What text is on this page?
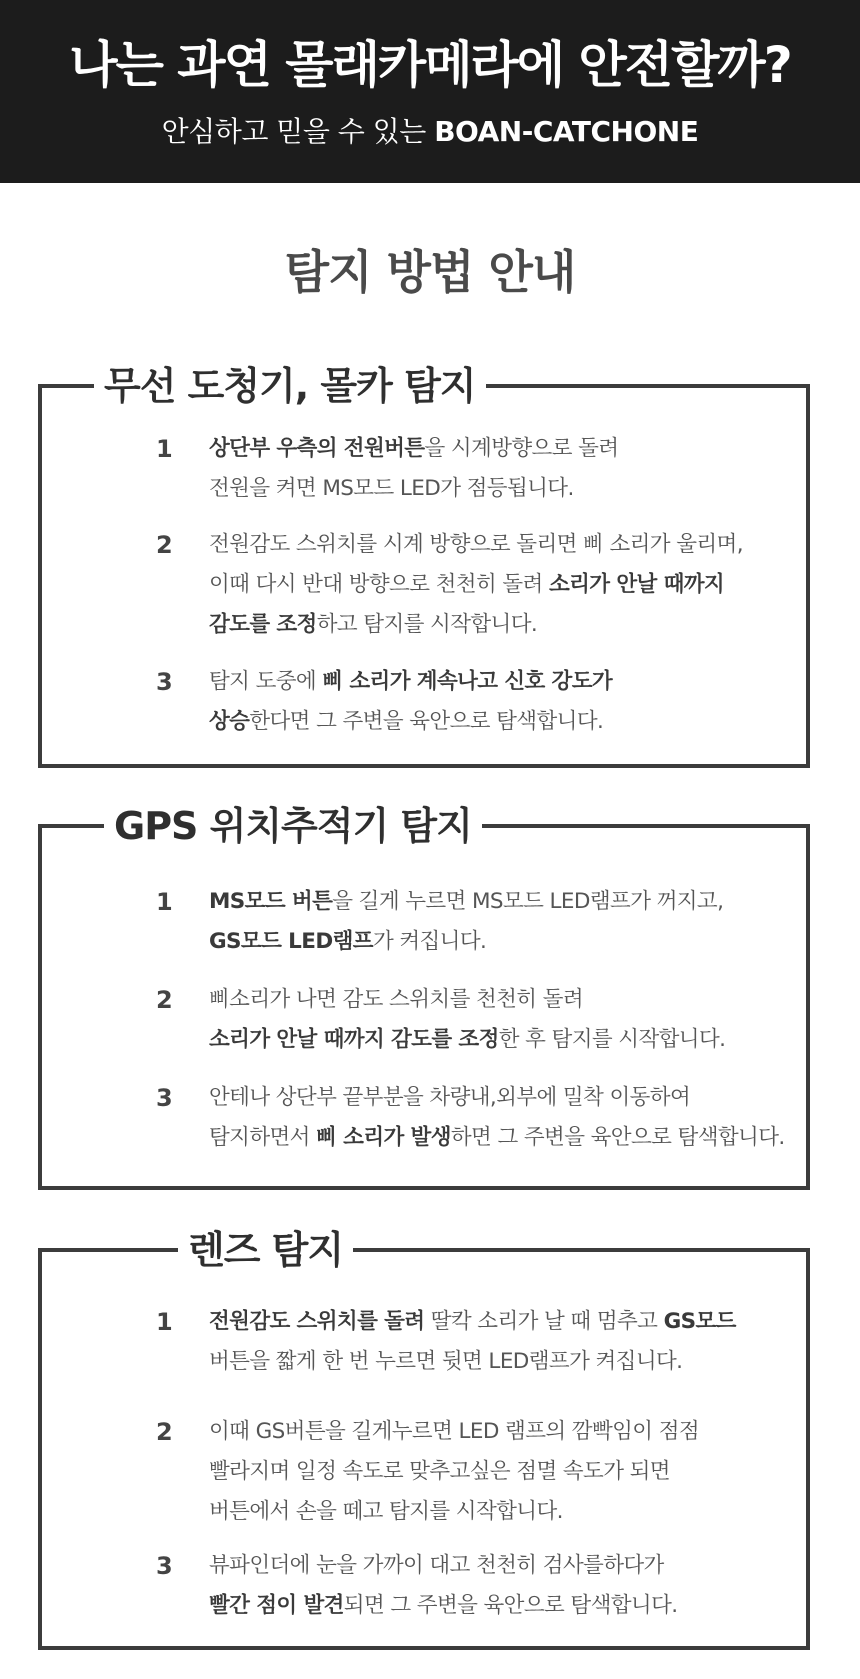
나는 과연 몰래카메라에 안전할까?
안심하고 믿을 수 있는 BOAN-CATCHONE
탐지 방법 안내
무선 도청기, 몰카 탐지
1 상단부 우측의 전원버튼을 시계방향으로 돌려

전원을 켜면 MS모드 LED가 점등됩니다.

2 전원감도 스위치를 시계 방향으로 돌리면 삐 소리가 울리며,

이때 다시 반대 방향으로 천천히 돌려 소리가 안날 때까지

감도를 조정하고 탐지를 시작합니다.

3 탐지 도중에 삐 소리가 계속나고 신호 강도가

상승한다면 그 주변을 육안으로 탐색합니다.

GPS 위치추적기 탐지
1 MS모드 버튼을 길게 누르면 MS모드 LED램프가 꺼지고,

GS모드 LED램프가 켜집니다.

2 삐소리가 나면 감도 스위치를 천천히 돌려

소리가 안날 때까지 감도를 조정한 후 탐지를 시작합니다.

3 안테나 상단부 끝부분을 차량내,외부에 밀착 이동하여

탐지하면서 삐 소리가 발생하면 그 주변을 육안으로 탐색합니다.

렌즈 탐지
1 전원감도 스위치를 돌려 딸칵 소리가 날 때 멈추고 GS모드

버튼을 짧게 한 번 누르면 뒷면 LED램프가 켜집니다.

2 이때 GS버튼을 길게누르면 LED 램프의 깜빡임이 점점

빨라지며 일정 속도로 맞추고싶은 점멸 속도가 되면

버튼에서 손을 떼고 탐지를 시작합니다.

3 뷰파인더에 눈을 가까이 대고 천천히 검사를하다가

빨간 점이 발견되면 그 주변을 육안으로 탐색합니다.
